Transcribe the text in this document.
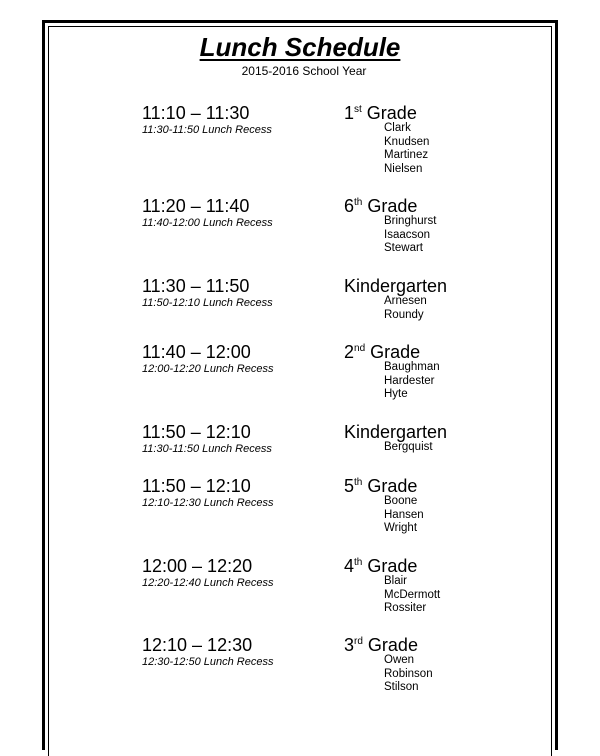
Lunch Schedule
2015-2016 School Year
11:10 – 11:30
11:30-11:50 Lunch Recess
1st Grade
Clark
Knudsen
Martinez
Nielsen
11:20 – 11:40
11:40-12:00 Lunch Recess
6th Grade
Bringhurst
Isaacson
Stewart
11:30 – 11:50
11:50-12:10 Lunch Recess
Kindergarten
Arnesen
Roundy
11:40 – 12:00
12:00-12:20 Lunch Recess
2nd Grade
Baughman
Hardester
Hyte
11:50 – 12:10
11:30-11:50 Lunch Recess
Kindergarten
Bergquist
11:50 – 12:10
12:10-12:30 Lunch Recess
5th Grade
Boone
Hansen
Wright
12:00 – 12:20
12:20-12:40 Lunch Recess
4th Grade
Blair
McDermott
Rossiter
12:10 – 12:30
12:30-12:50 Lunch Recess
3rd Grade
Owen
Robinson
Stilson
